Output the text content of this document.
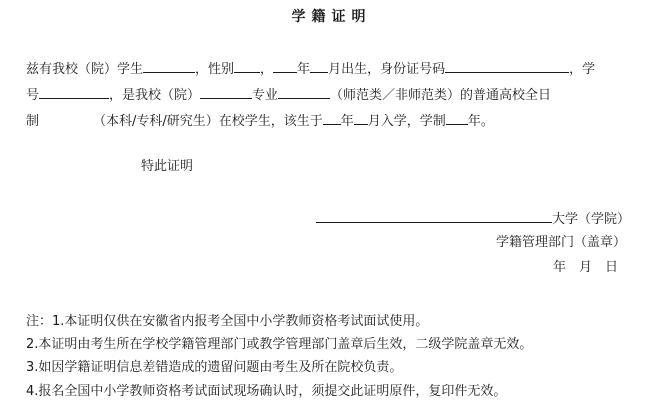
学籍证明
兹有我校（院）学生	，性别 ， 年 月出生，身份证号码	，学
号	，是我校（院）	专业	（师范类／非师范类）的普通高校全日
制	（本科/专科/研究生）在校学生，该生于 年 月入学，学制 年。
特此证明
大学（学院）
学籍管理部门（盖章）
年　月　日
注：1.本证明仅供在安徽省内报考全国中小学教师资格考试面试使用。
2.本证明由考生所在学校学籍管理部门或教学管理部门盖章后生效，二级学院盖章无效。
3.如因学籍证明信息差错造成的遗留问题由考生及所在院校负责。
4.报名全国中小学教师资格考试面试现场确认时，须提交此证明原件，复印件无效。
